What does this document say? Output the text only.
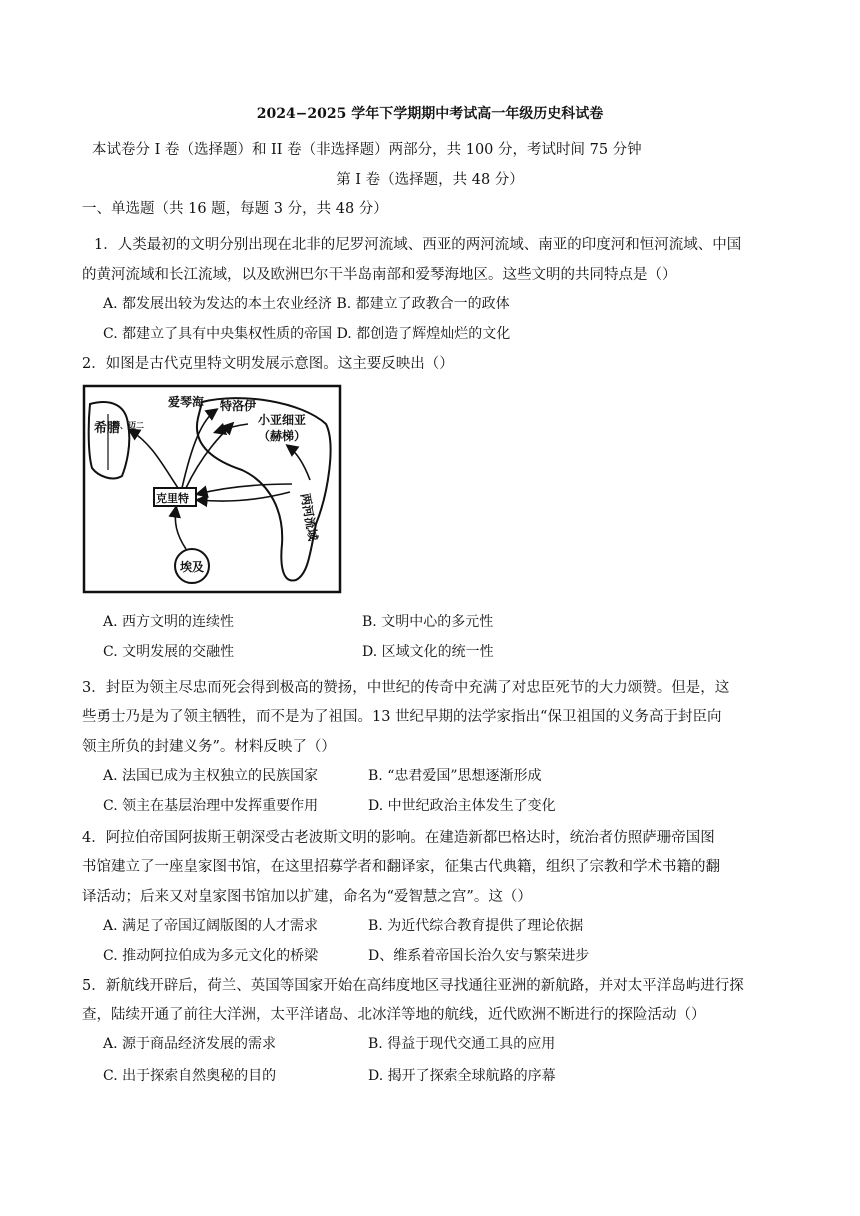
2024−2025 学年下学期期中考试高一年级历史科试卷
本试卷分 I 卷（选择题）和 II 卷（非选择题）两部分，共 100 分，考试时间 75 分钟
第 I 卷（选择题，共 48 分）
一、单选题（共 16 题，每题 3 分，共 48 分）
1．人类最初的文明分别出现在北非的尼罗河流域、西亚的两河流域、南亚的印度河和恒河流域、中国
的黄河流域和长江流域，以及欧洲巴尔干半岛南部和爱琴海地区。这些文明的共同特点是（）
A. 都发展出较为发达的本土农业经济 B. 都建立了政教合一的政体
C. 都建立了具有中央集权性质的帝国 D. 都创造了辉煌灿烂的文化
2．如图是古代克里特文明发展示意图。这主要反映出（）
希腊
斯、迈二
爱琴海 特洛伊
小亚细亚
（赫梯）
克里特
埃及
两河流域
A. 西方文明的连续性	B. 文明中心的多元性
C. 文明发展的交融性	D. 区域文化的统一性
3．封臣为领主尽忠而死会得到极高的赞扬，中世纪的传奇中充满了对忠臣死节的大力颂赞。但是，这
些勇士乃是为了领主牺牲，而不是为了祖国。13 世纪早期的法学家指出“保卫祖国的义务高于封臣向
领主所负的封建义务”。材料反映了（）
A. 法国已成为主权独立的民族国家	B. “忠君爱国”思想逐渐形成
C. 领主在基层治理中发挥重要作用	D. 中世纪政治主体发生了变化
4．阿拉伯帝国阿拔斯王朝深受古老波斯文明的影响。在建造新都巴格达时，统治者仿照萨珊帝国图
书馆建立了一座皇家图书馆，在这里招募学者和翻译家，征集古代典籍，组织了宗教和学术书籍的翻
译活动；后来又对皇家图书馆加以扩建，命名为“爱智慧之宫”。这（）
A. 满足了帝国辽阔版图的人才需求	B. 为近代综合教育提供了理论依据
C. 推动阿拉伯成为多元文化的桥梁	D、维系着帝国长治久安与繁荣进步
5．新航线开辟后，荷兰、英国等国家开始在高纬度地区寻找通往亚洲的新航路，并对太平洋岛屿进行探
查，陆续开通了前往大洋洲，太平洋诸岛、北冰洋等地的航线，近代欧洲不断进行的探险活动（）
A. 源于商品经济发展的需求	B. 得益于现代交通工具的应用
C. 出于探索自然奥秘的目的	D. 揭开了探索全球航路的序幕
